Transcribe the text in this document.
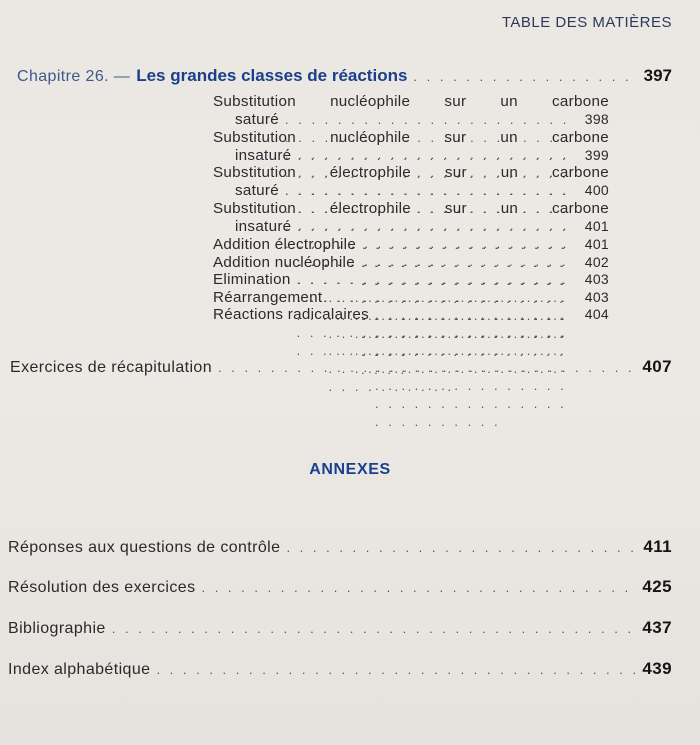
TABLE DES MATIÈRES
Chapitre 26. — Les grandes classes de réactions . . .	397
Substitution nucléophile sur un carbone
saturé . . .	398
Substitution nucléophile sur un carbone
insaturé . . .	399
Substitution électrophile sur un carbone
saturé . . .	400
Substitution électrophile sur un carbone
insaturé . . .	401
Addition électrophile . . .	401
Addition nucléophile . . .	402
Elimination . . .	403
Réarrangement . . .	403
Réactions radicalaires . . .	404
Exercices de récapitulation . . .	407
ANNEXES
Réponses aux questions de contrôle . . .	411
Résolution des exercices . . .	425
Bibliographie . . .	437
Index alphabétique . . .	439
